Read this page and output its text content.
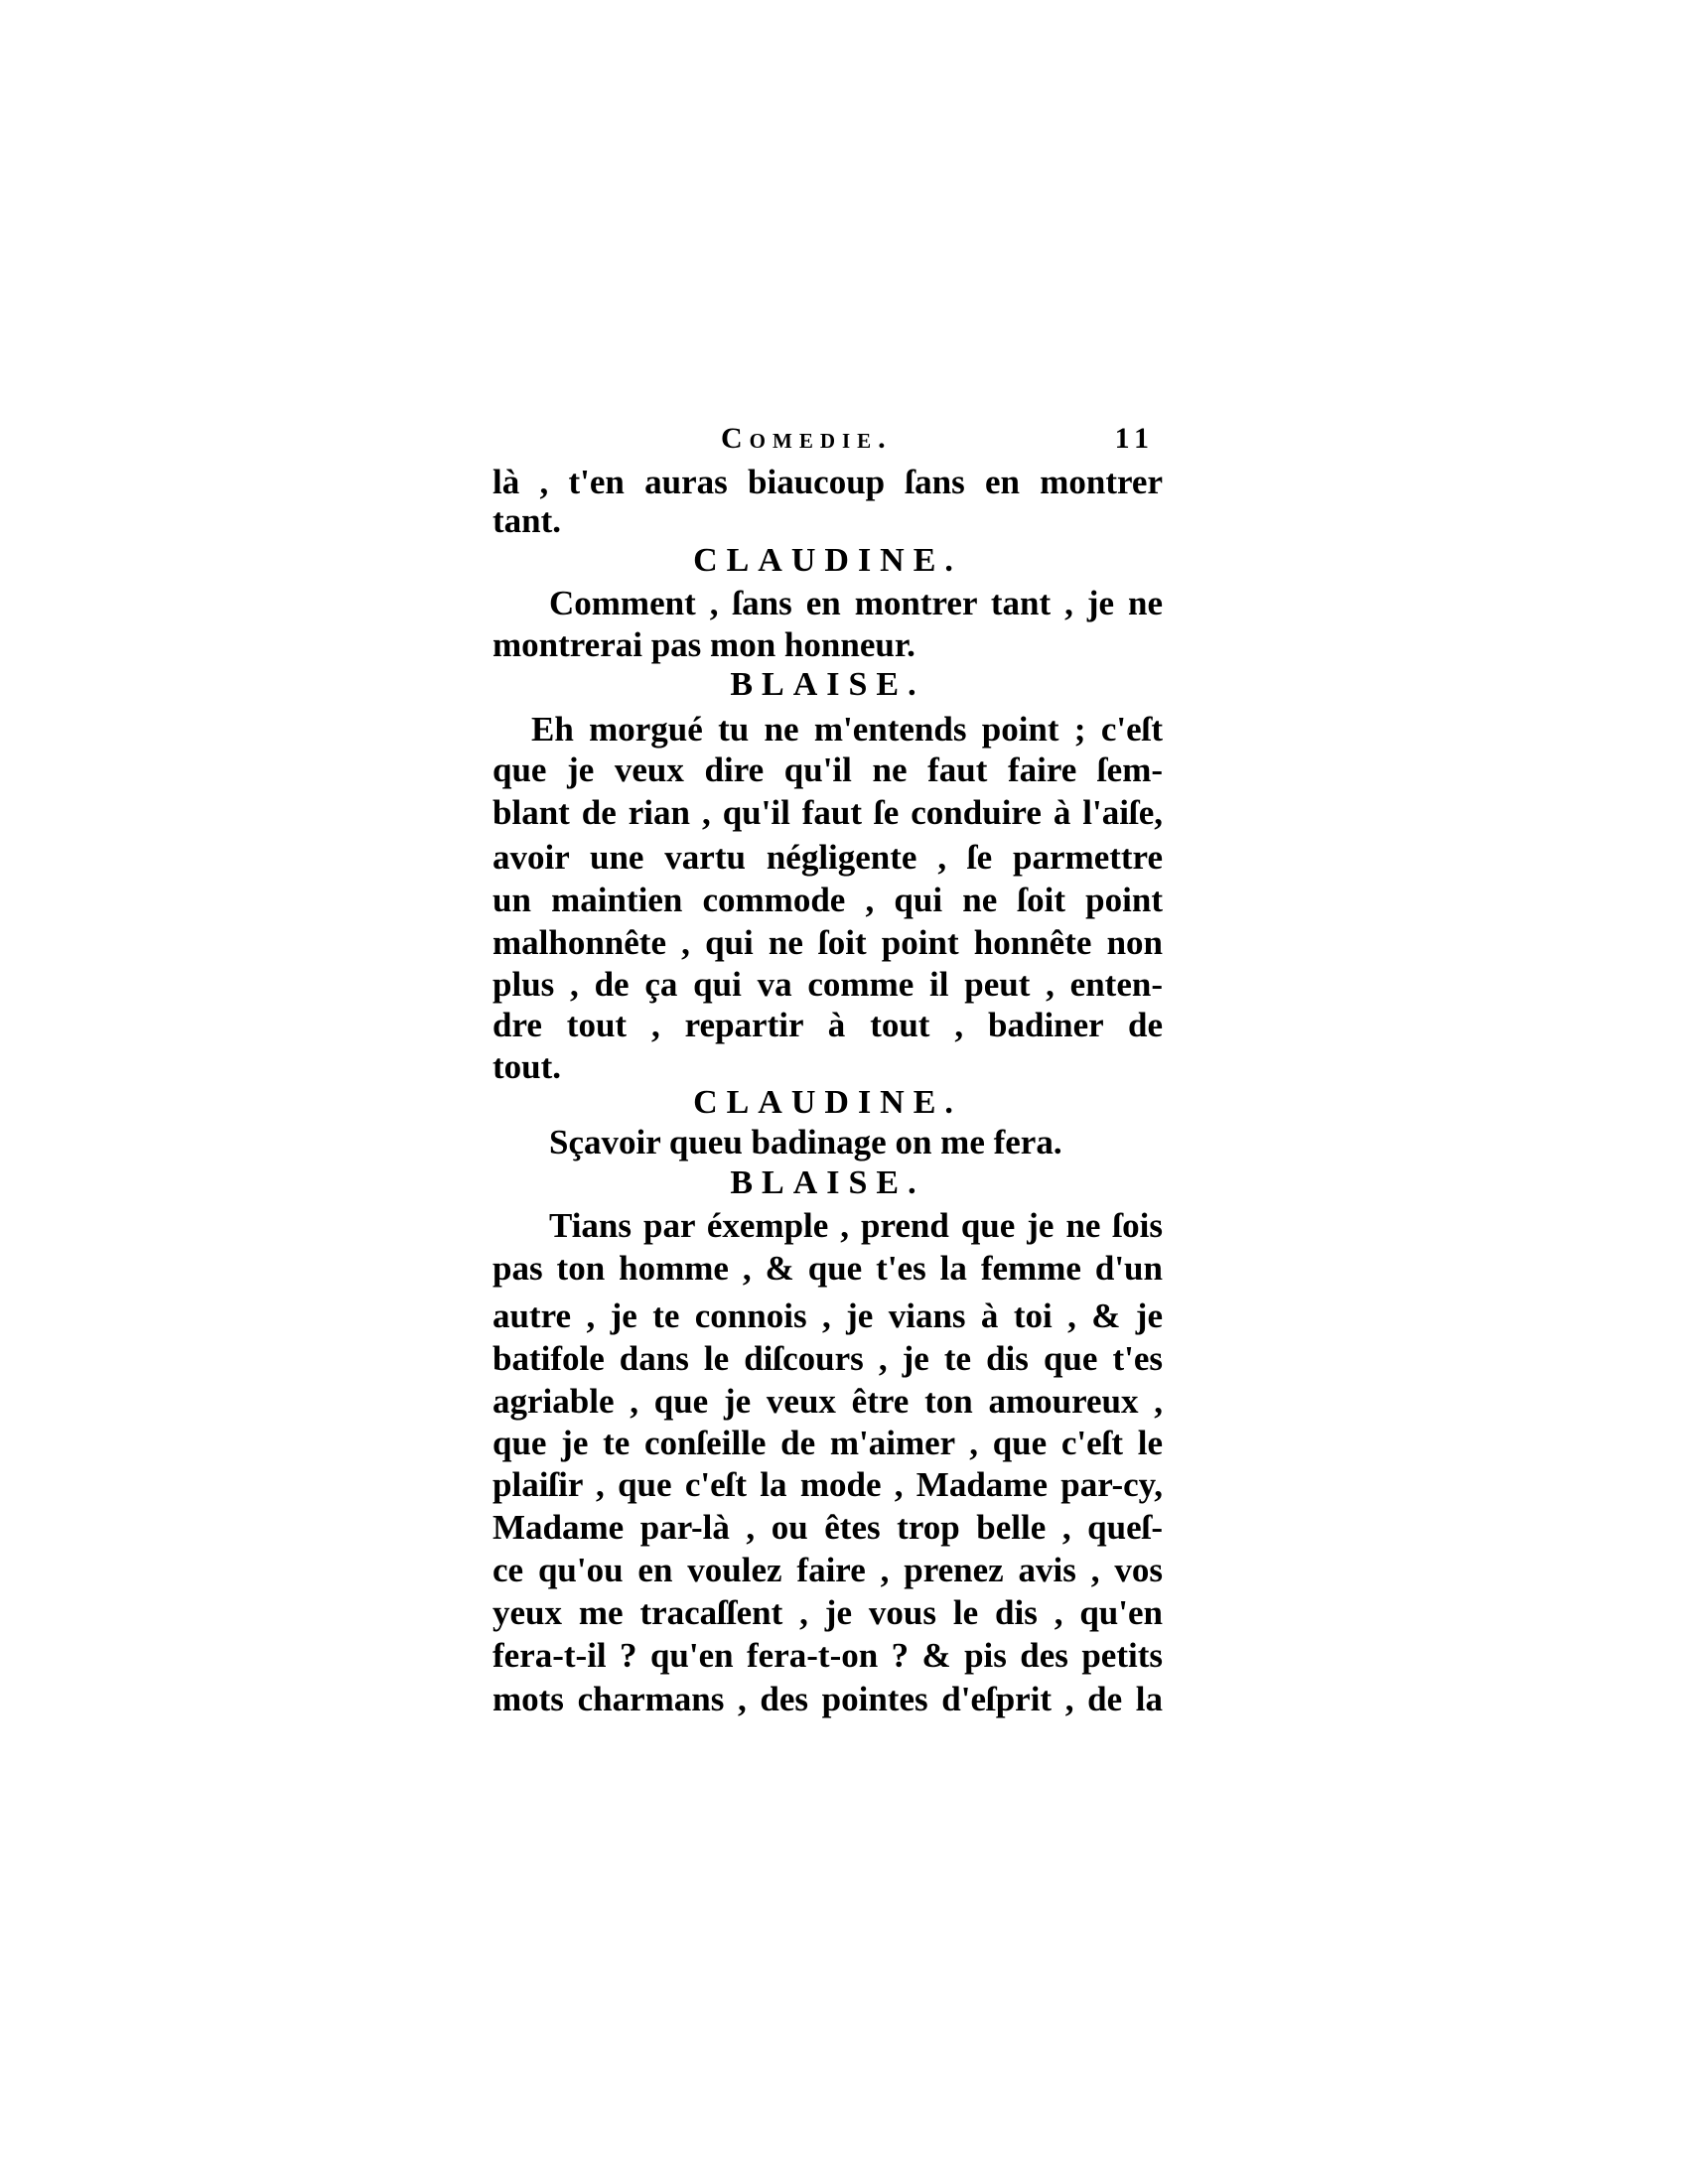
Comedie.	11
là , t'en auras biaucoup ſans en montrer
tant.
CLAUDINE.
Comment , ſans en montrer tant , je ne
montrerai pas mon honneur.
BLAISE.
Eh morgué tu ne m'entends point ; c'eſt
que je veux dire qu'il ne faut faire ſem-
blant de rian , qu'il faut ſe conduire à l'aiſe,
avoir une vartu négligente , ſe parmettre
un maintien commode , qui ne ſoit point
malhonnête , qui ne ſoit point honnête non
plus , de ça qui va comme il peut , enten-
dre tout , repartir à tout , badiner de
tout.
CLAUDINE.
Sçavoir queu badinage on me fera.
BLAISE.
Tians par éxemple , prend que je ne ſois
pas ton homme , & que t'es la femme d'un
autre , je te connois , je vians à toi , & je
batifole dans le diſcours , je te dis que t'es
agriable , que je veux être ton amoureux ,
que je te conſeille de m'aimer , que c'eſt le
plaiſir , que c'eſt la mode , Madame par-cy,
Madame par-là , ou êtes trop belle , queſ-
ce qu'ou en voulez faire , prenez avis , vos
yeux me tracaſſent , je vous le dis , qu'en
fera-t-il ? qu'en fera-t-on ? & pis des petits
mots charmans , des pointes d'eſprit , de la
